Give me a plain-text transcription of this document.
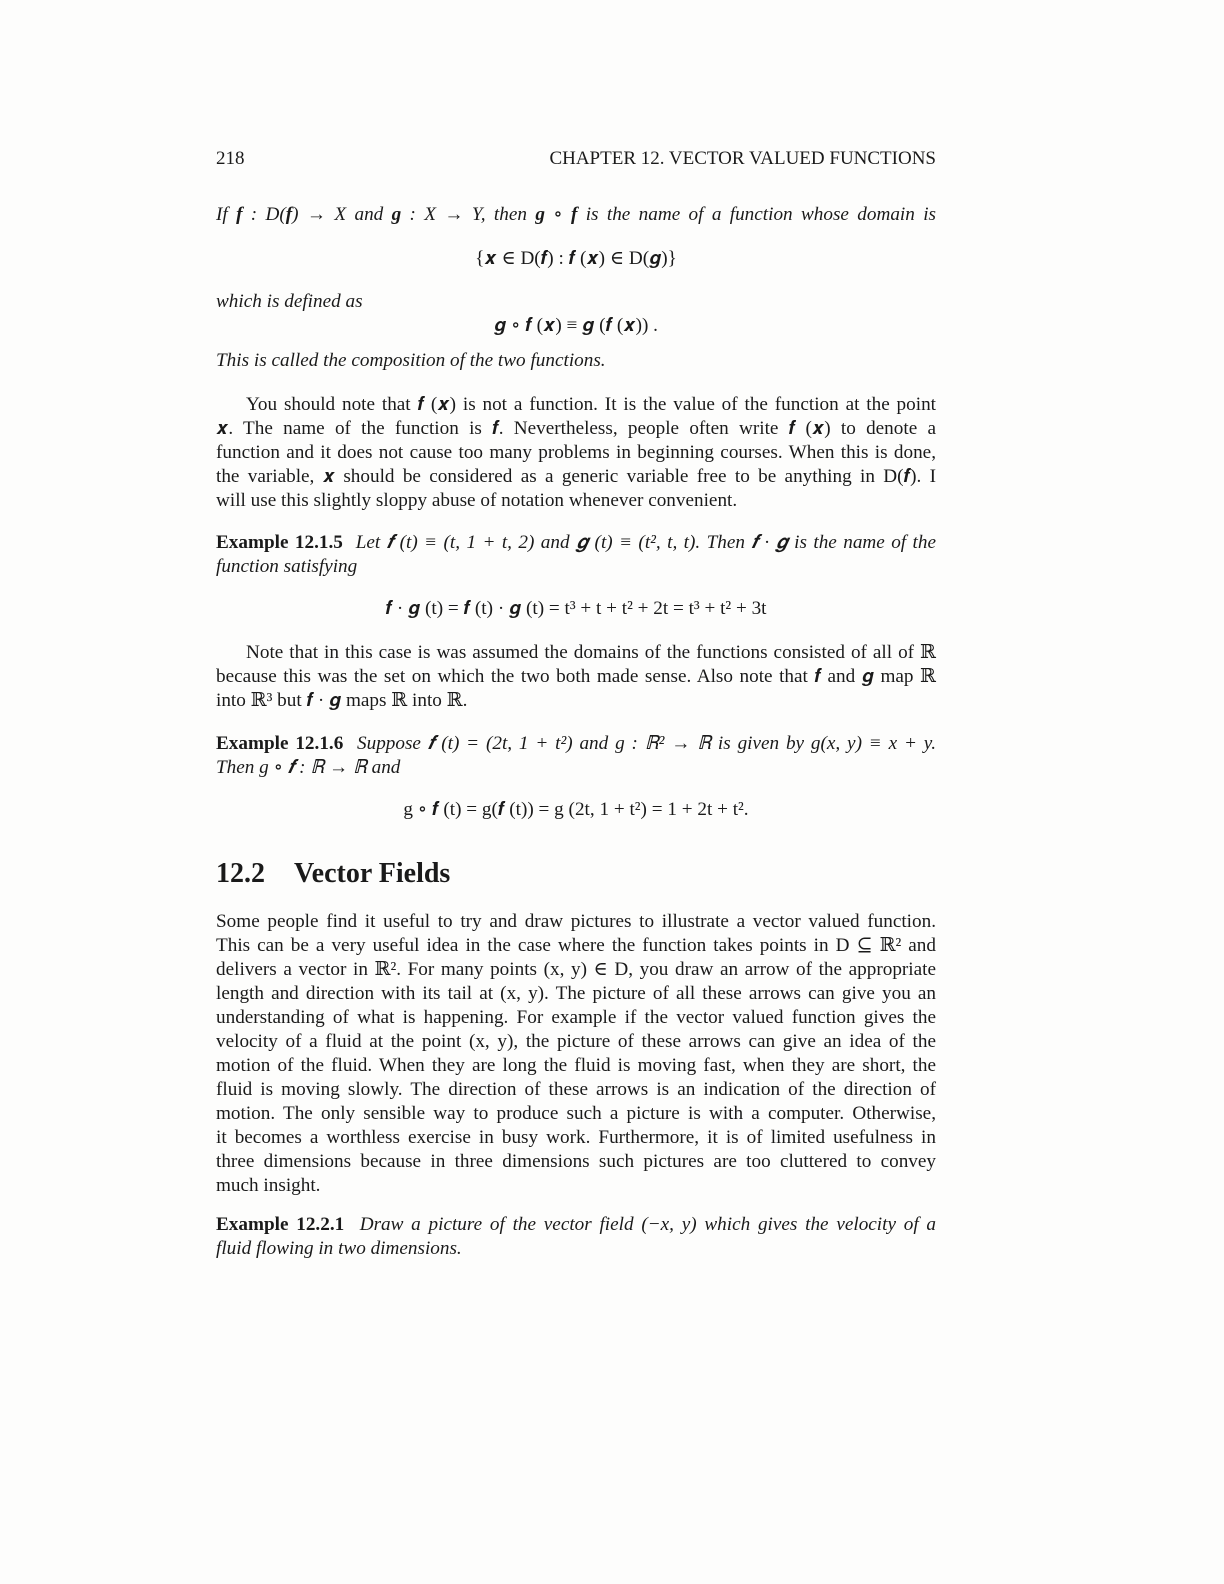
218	CHAPTER 12. VECTOR VALUED FUNCTIONS
If f : D(f) → X and g : X → Y, then g ∘ f is the name of a function whose domain is
{𝒙 ∈ D(𝒇) : 𝒇 (𝒙) ∈ D(𝒈)}
which is defined as
𝒈 ∘ 𝒇 (𝒙) ≡ 𝒈 (𝒇 (𝒙)) .
This is called the composition of the two functions.
You should note that 𝒇 (𝒙) is not a function. It is the value of the function at the point
𝒙. The name of the function is 𝒇. Nevertheless, people often write 𝒇 (𝒙) to denote a
function and it does not cause too many problems in beginning courses. When this is done,
the variable, 𝒙 should be considered as a generic variable free to be anything in D(𝒇). I
will use this slightly sloppy abuse of notation whenever convenient.
Example 12.1.5 Let 𝒇 (t) ≡ (t, 1 + t, 2) and 𝒈 (t) ≡ (t², t, t). Then 𝒇 · 𝒈 is the name of the
function satisfying
𝒇 · 𝒈 (t) = 𝒇 (t) · 𝒈 (t) = t³ + t + t² + 2t = t³ + t² + 3t
Note that in this case is was assumed the domains of the functions consisted of all of ℝ
because this was the set on which the two both made sense. Also note that 𝒇 and 𝒈 map ℝ
into ℝ³ but 𝒇 · 𝒈 maps ℝ into ℝ.
Example 12.1.6 Suppose 𝒇 (t) = (2t, 1 + t²) and g : ℝ² → ℝ is given by g(x, y) ≡ x + y.
Then g ∘ 𝒇 : ℝ → ℝ and
g ∘ 𝒇 (t) = g(𝒇 (t)) = g (2t, 1 + t²) = 1 + 2t + t².
12.2 Vector Fields
Some people find it useful to try and draw pictures to illustrate a vector valued function.
This can be a very useful idea in the case where the function takes points in D ⊆ ℝ² and
delivers a vector in ℝ². For many points (x, y) ∈ D, you draw an arrow of the appropriate
length and direction with its tail at (x, y). The picture of all these arrows can give you an
understanding of what is happening. For example if the vector valued function gives the
velocity of a fluid at the point (x, y), the picture of these arrows can give an idea of the
motion of the fluid. When they are long the fluid is moving fast, when they are short, the
fluid is moving slowly. The direction of these arrows is an indication of the direction of
motion. The only sensible way to produce such a picture is with a computer. Otherwise,
it becomes a worthless exercise in busy work. Furthermore, it is of limited usefulness in
three dimensions because in three dimensions such pictures are too cluttered to convey
much insight.
Example 12.2.1 Draw a picture of the vector field (−x, y) which gives the velocity of a
fluid flowing in two dimensions.
